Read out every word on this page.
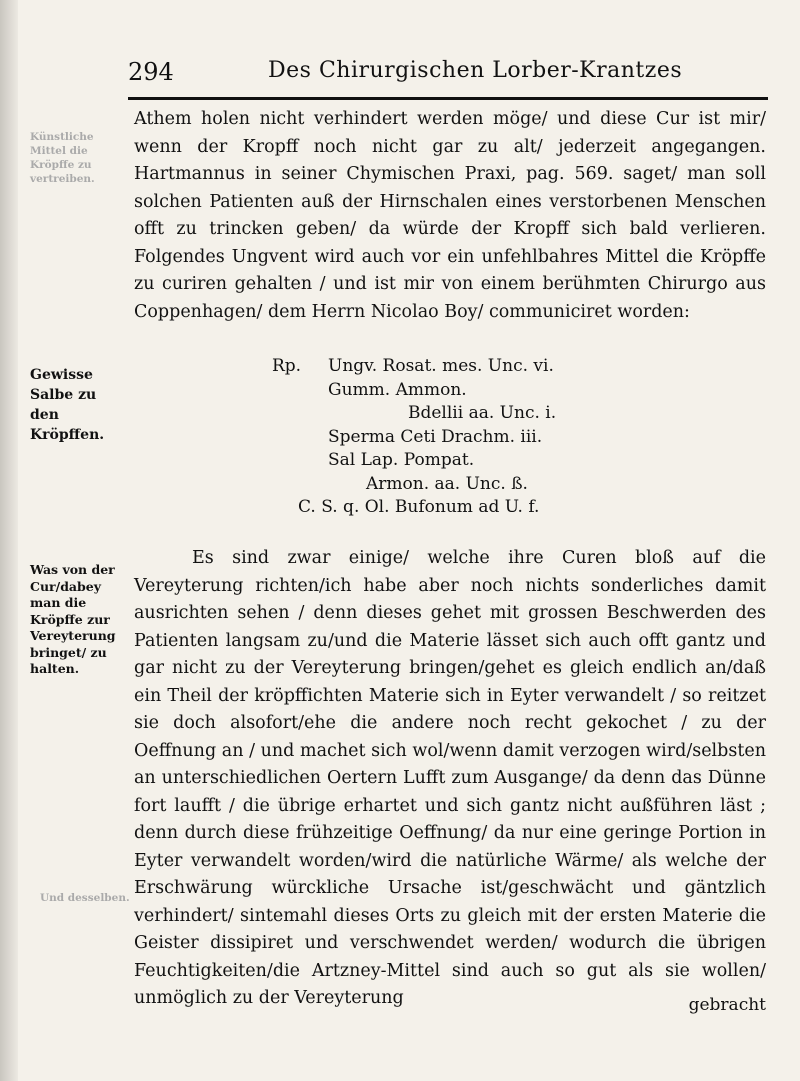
294	Des Chirurgischen Lorber-Krantzes
Künstliche Mittel die Kröpffe zu vertreiben.
Gewisse Salbe zu den Kröpffen.
Was von der Cur/dabey man die Kröpffe zur Vereyterung bringet/ zu halten.
Und desselben.
Athem holen nicht verhindert werden möge/ und diese Cur ist mir/ wenn der Kropff noch nicht gar zu alt/ jederzeit angegangen. Hartmannus in seiner Chymischen Praxi, pag. 569. saget/ man soll solchen Patienten auß der Hirnschalen eines verstorbenen Menschen offt zu trincken geben/ da würde der Kropff sich bald verlieren. Folgendes Ungvent wird auch vor ein unfehlbahres Mittel die Kröpffe zu curiren gehalten / und ist mir von einem berühmten Chirurgo aus Coppenhagen/ dem Herrn Nicolao Boy/ communiciret worden:
Rp. Ungv. Rosat. mes. Unc. vi.
Gumm. Ammon.
Bdellii aa. Unc. i.
Sperma Ceti Drachm. iii.
Sal Lap. Pompat.
Armon. aa. Unc. ß.
C. S. q. Ol. Bufonum ad U. f.
Es sind zwar einige/ welche ihre Curen bloß auf die Vereyterung richten/ich habe aber noch nichts sonderliches damit ausrichten sehen / denn dieses gehet mit grossen Beschwerden des Patienten langsam zu/und die Materie lässet sich auch offt gantz und gar nicht zu der Vereyterung bringen/gehet es gleich endlich an/daß ein Theil der kröpffichten Materie sich in Eyter verwandelt / so reitzet sie doch alsofort/ehe die andere noch recht gekochet / zu der Oeffnung an / und machet sich wol/wenn damit verzogen wird/selbsten an unterschiedlichen Oertern Lufft zum Ausgange/ da denn das Dünne fort laufft / die übrige erhartet und sich gantz nicht außführen läst ; denn durch diese frühzeitige Oeffnung/ da nur eine geringe Portion in Eyter verwandelt worden/wird die natürliche Wärme/ als welche der Erschwärung würckliche Ursache ist/geschwächt und gäntzlich verhindert/ sintemahl dieses Orts zu gleich mit der ersten Materie die Geister dissipiret und verschwendet werden/ wodurch die übrigen Feuchtigkeiten/die Artzney-Mittel sind auch so gut als sie wollen/ unmöglich zu der Vereyterung	gebracht
